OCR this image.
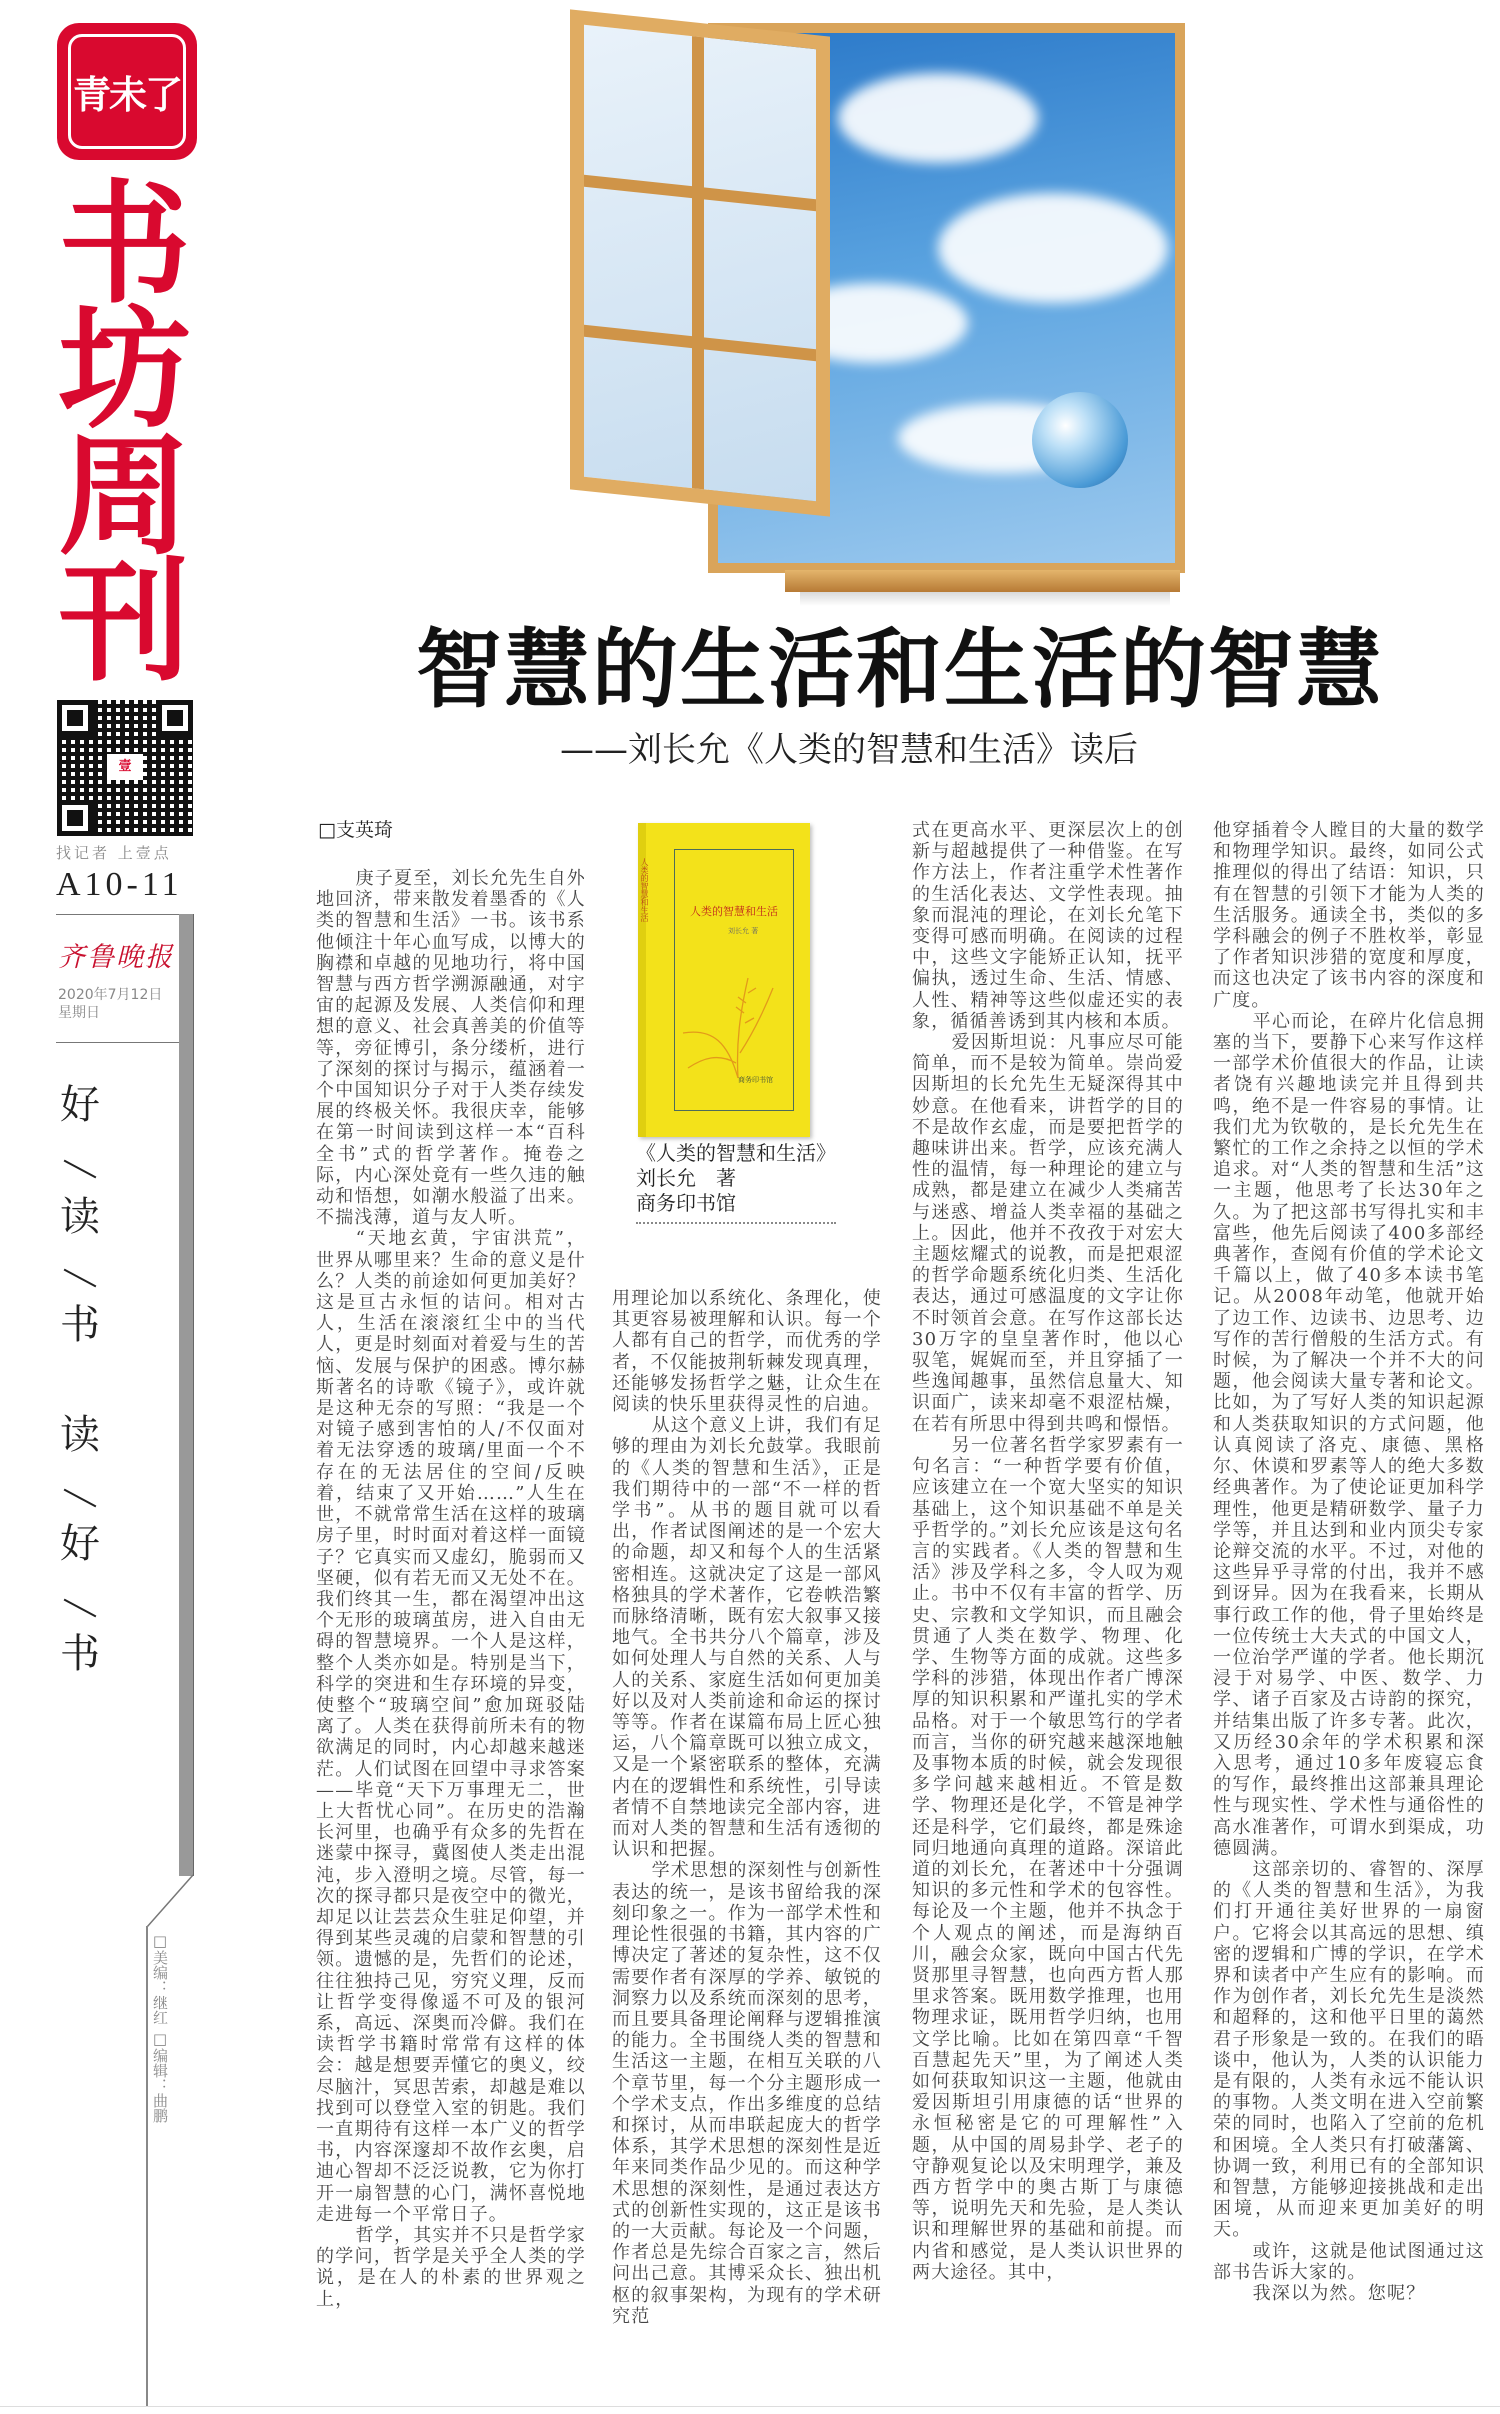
青未了
书
坊
周
刊
壹
找记者 上壹点
A10-11
齐鲁晚报
2020年7月12日
星期日
好
读
书
读
好
书
□美编：继红 □编辑：曲鹏
智慧的生活和生活的智慧
——刘长允《人类的智慧和生活》读后
□支英琦
人类的智慧和生活	人类的智慧和生活
刘长允 著
商务印书馆
《人类的智慧和生活》
刘长允　著
商务印书馆

庚子夏至，刘长允先生自外地回济，带来散发着墨香的《人类的智慧和生活》一书。该书系他倾注十年心血写成，以博大的胸襟和卓越的见地功行，将中国智慧与西方哲学溯源融通，对宇宙的起源及发展、人类信仰和理想的意义、社会真善美的价值等等，旁征博引，条分缕析，进行了深刻的探讨与揭示，蕴涵着一个中国知识分子对于人类存续发展的终极关怀。我很庆幸，能够在第一时间读到这样一本“百科全书”式的哲学著作。掩卷之际，内心深处竟有一些久违的触动和悟想，如潮水般溢了出来。不揣浅薄，道与友人听。

“天地玄黄，宇宙洪荒”，世界从哪里来？生命的意义是什么？人类的前途如何更加美好？这是亘古永恒的诘问。相对古人，生活在滚滚红尘中的当代人，更是时刻面对着爱与生的苦恼、发展与保护的困惑。博尔赫斯著名的诗歌《镜子》，或许就是这种无奈的写照：“我是一个对镜子感到害怕的人/不仅面对着无法穿透的玻璃/里面一个不存在的无法居住的空间/反映着，结束了又开始……”人生在世，不就常常生活在这样的玻璃房子里，时时面对着这样一面镜子？它真实而又虚幻，脆弱而又坚硬，似有若无而又无处不在。我们终其一生，都在渴望冲出这个无形的玻璃茧房，进入自由无碍的智慧境界。一个人是这样，整个人类亦如是。特别是当下，科学的突进和生存环境的异变，使整个“玻璃空间”愈加斑驳陆离了。人类在获得前所未有的物欲满足的同时，内心却越来越迷茫。人们试图在回望中寻求答案——毕竟“天下万事理无二，世上大哲忧心同”。在历史的浩瀚长河里，也确乎有众多的先哲在迷蒙中探寻，冀图使人类走出混沌，步入澄明之境。尽管，每一次的探寻都只是夜空中的微光，却足以让芸芸众生驻足仰望，并得到某些灵魂的启蒙和智慧的引领。遗憾的是，先哲们的论述，往往独持己见，穷究义理，反而让哲学变得像遥不可及的银河系，高远、深奥而冷僻。我们在读哲学书籍时常常有这样的体会：越是想要弄懂它的奥义，绞尽脑汁，冥思苦索，却越是难以找到可以登堂入室的钥匙。我们一直期待有这样一本广义的哲学书，内容深邃却不故作玄奥，启迪心智却不泛泛说教，它为你打开一扇智慧的心门，满怀喜悦地走进每一个平常日子。

哲学，其实并不只是哲学家的学问，哲学是关乎全人类的学说，是在人的朴素的世界观之上，

用理论加以系统化、条理化，使其更容易被理解和认识。每一个人都有自己的哲学，而优秀的学者，不仅能披荆斩棘发现真理，还能够发扬哲学之魅，让众生在阅读的快乐里获得灵性的启迪。

从这个意义上讲，我们有足够的理由为刘长允鼓掌。我眼前的《人类的智慧和生活》，正是我们期待中的一部“不一样的哲学书”。从书的题目就可以看出，作者试图阐述的是一个宏大的命题，却又和每个人的生活紧密相连。这就决定了这是一部风格独具的学术著作，它卷帙浩繁而脉络清晰，既有宏大叙事又接地气。全书共分八个篇章，涉及如何处理人与自然的关系、人与人的关系、家庭生活如何更加美好以及对人类前途和命运的探讨等等。作者在谋篇布局上匠心独运，八个篇章既可以独立成文，又是一个紧密联系的整体，充满内在的逻辑性和系统性，引导读者情不自禁地读完全部内容，进而对人类的智慧和生活有透彻的认识和把握。

学术思想的深刻性与创新性表达的统一，是该书留给我的深刻印象之一。作为一部学术性和理论性很强的书籍，其内容的广博决定了著述的复杂性，这不仅需要作者有深厚的学养、敏锐的洞察力以及系统而深刻的思考，而且要具备理论阐释与逻辑推演的能力。全书围绕人类的智慧和生活这一主题，在相互关联的八个章节里，每一个分主题形成一个学术支点，作出多维度的总结和探讨，从而串联起庞大的哲学体系，其学术思想的深刻性是近年来同类作品少见的。而这种学术思想的深刻性，是通过表达方式的创新性实现的，这正是该书的一大贡献。每论及一个问题，作者总是先综合百家之言，然后问出己意。其博采众长、独出机枢的叙事架构，为现有的学术研究范

式在更高水平、更深层次上的创新与超越提供了一种借鉴。在写作方法上，作者注重学术性著作的生活化表达、文学性表现。抽象而混沌的理论，在刘长允笔下变得可感而明确。在阅读的过程中，这些文字能矫正认知，抚平偏执，透过生命、生活、情感、人性、精神等这些似虚还实的表象，循循善诱到其内核和本质。

爱因斯坦说：凡事应尽可能简单，而不是较为简单。崇尚爱因斯坦的长允先生无疑深得其中妙意。在他看来，讲哲学的目的不是故作玄虚，而是要把哲学的趣味讲出来。哲学，应该充满人性的温情，每一种理论的建立与成熟，都是建立在减少人类痛苦与迷惑、增益人类幸福的基础之上。因此，他并不孜孜于对宏大主题炫耀式的说教，而是把艰涩的哲学命题系统化归类、生活化表达，通过可感温度的文字让你不时领首会意。在写作这部长达30万字的皇皇著作时，他以心驭笔，娓娓而至，并且穿插了一些逸闻趣事，虽然信息量大、知识面广，读来却毫不艰涩枯燥，在若有所思中得到共鸣和憬悟。

另一位著名哲学家罗素有一句名言：“一种哲学要有价值，应该建立在一个宽大坚实的知识基础上，这个知识基础不单是关乎哲学的。”刘长允应该是这句名言的实践者。《人类的智慧和生活》涉及学科之多，令人叹为观止。书中不仅有丰富的哲学、历史、宗教和文学知识，而且融会贯通了人类在数学、物理、化学、生物等方面的成就。这些多学科的涉猎，体现出作者广博深厚的知识积累和严谨扎实的学术品格。对于一个敏思笃行的学者而言，当你的研究越来越深地触及事物本质的时候，就会发现很多学问越来越相近。不管是数学、物理还是化学，不管是神学还是科学，它们最终，都是殊途同归地通向真理的道路。深谙此道的刘长允，在著述中十分强调知识的多元性和学术的包容性。每论及一个主题，他并不执念于个人观点的阐述，而是海纳百川，融会众家，既向中国古代先贤那里寻智慧，也向西方哲人那里求答案。既用数学推理，也用物理求证，既用哲学归纳，也用文学比喻。比如在第四章“千智百慧起先天”里，为了阐述人类如何获取知识这一主题，他就由爱因斯坦引用康德的话“世界的永恒秘密是它的可理解性”入题，从中国的周易卦学、老子的守静观复论以及宋明理学，兼及西方哲学中的奥古斯丁与康德等，说明先天和先验，是人类认识和理解世界的基础和前提。而内省和感觉，是人类认识世界的两大途径。其中，

他穿插着令人瞠目的大量的数学和物理学知识。最终，如同公式推理似的得出了结语：知识，只有在智慧的引领下才能为人类的生活服务。通读全书，类似的多学科融会的例子不胜枚举，彰显了作者知识涉猎的宽度和厚度，而这也决定了该书内容的深度和广度。

平心而论，在碎片化信息拥塞的当下，要静下心来写作这样一部学术价值很大的作品，让读者饶有兴趣地读完并且得到共鸣，绝不是一件容易的事情。让我们尤为钦敬的，是长允先生在繁忙的工作之余持之以恒的学术追求。对“人类的智慧和生活”这一主题，他思考了长达30年之久。为了把这部书写得扎实和丰富些，他先后阅读了400多部经典著作，查阅有价值的学术论文千篇以上，做了40多本读书笔记。从2008年动笔，他就开始了边工作、边读书、边思考、边写作的苦行僧般的生活方式。有时候，为了解决一个并不大的问题，他会阅读大量专著和论文。比如，为了写好人类的知识起源和人类获取知识的方式问题，他认真阅读了洛克、康德、黑格尔、休谟和罗素等人的绝大多数经典著作。为了使论证更加科学理性，他更是精研数学、量子力学等，并且达到和业内顶尖专家论辩交流的水平。不过，对他的这些异乎寻常的付出，我并不感到讶异。因为在我看来，长期从事行政工作的他，骨子里始终是一位传统士大夫式的中国文人，一位治学严谨的学者。他长期沉浸于对易学、中医、数学、力学、诸子百家及古诗韵的探究，并结集出版了许多专著。此次，又历经30余年的学术积累和深入思考，通过10多年废寝忘食的写作，最终推出这部兼具理论性与现实性、学术性与通俗性的高水准著作，可谓水到渠成，功德圆满。

这部亲切的、睿智的、深厚的《人类的智慧和生活》，为我们打开通往美好世界的一扇窗户。它将会以其高远的思想、缜密的逻辑和广博的学识，在学术界和读者中产生应有的影响。而作为创作者，刘长允先生是淡然和超释的，这和他平日里的蔼然君子形象是一致的。在我们的晤谈中，他认为，人类的认识能力是有限的，人类有永远不能认识的事物。人类文明在进入空前繁荣的同时，也陷入了空前的危机和困境。全人类只有打破藩篱、协调一致，利用已有的全部知识和智慧，方能够迎接挑战和走出困境，从而迎来更加美好的明天。

或许，这就是他试图通过这部书告诉大家的。

我深以为然。您呢？
